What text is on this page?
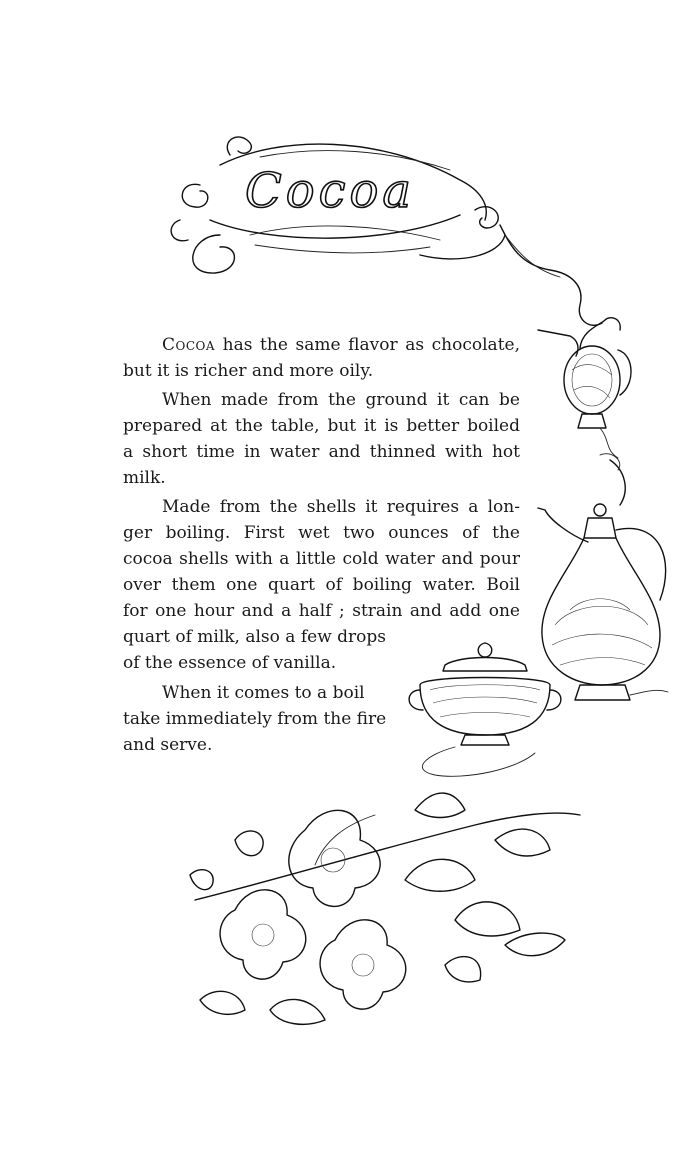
Cocoa
Cocoa has the same flavor as chocolate,
but it is richer and more oily.
When made from the ground it can be
prepared at the table, but it is better boiled
a short time in water and thinned with hot
milk.
Made from the shells it requires a lon-
ger boiling. First wet two ounces of the
cocoa shells with a little cold water and pour
over them one quart of boiling water. Boil
for one hour and a half ; strain and add one
quart of milk, also a few drops
of the essence of vanilla.
When it comes to a boil
take immediately from the fire
and serve.
